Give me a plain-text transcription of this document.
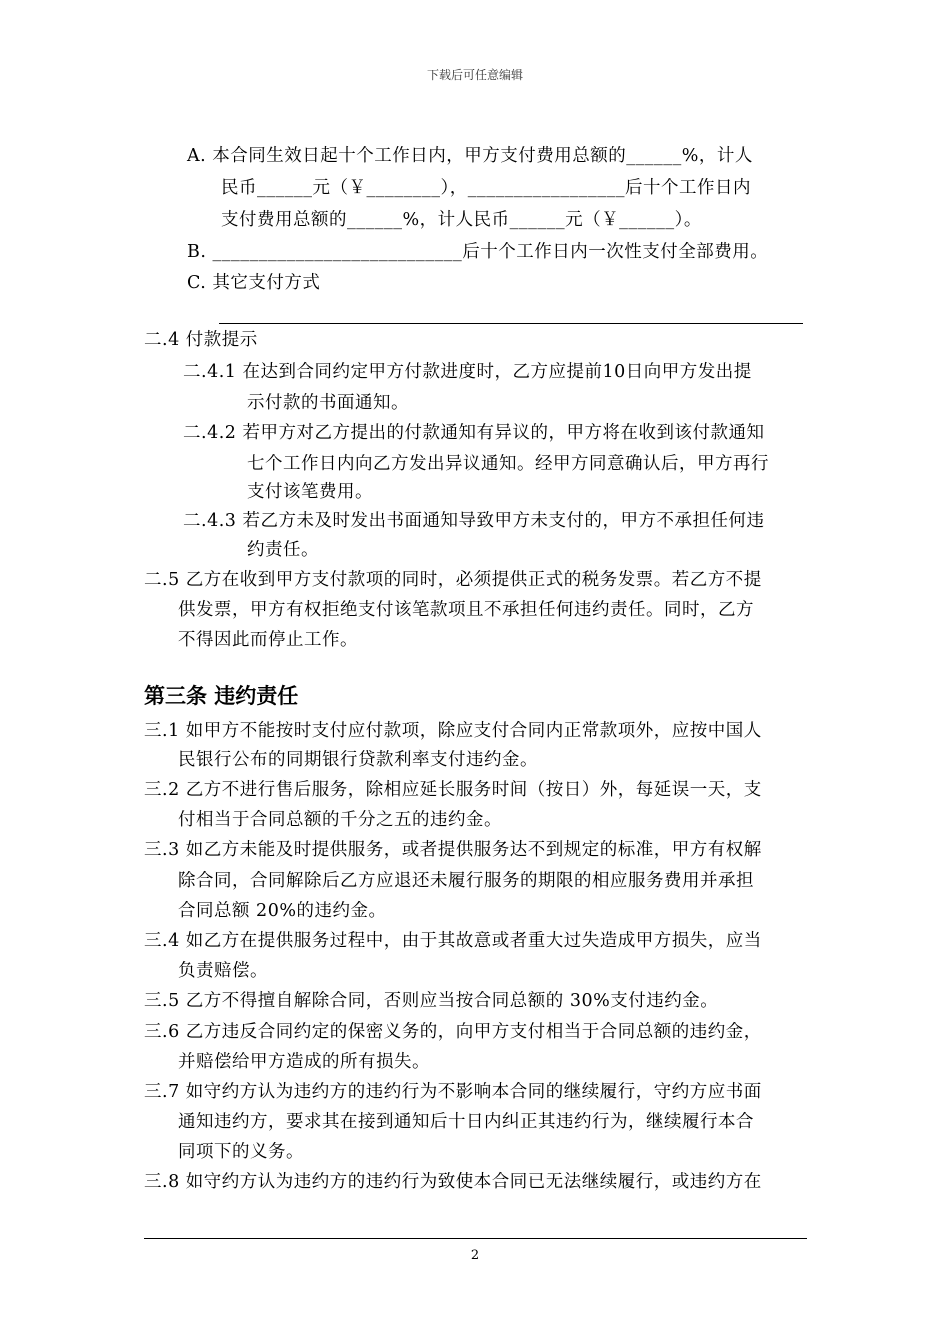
下载后可任意编辑
A. 本合同生效日起十个工作日内，甲方支付费用总额的______%，计人
民币______元（￥________），_________________后十个工作日内
支付费用总额的______%，计人民币______元（￥______）。
B. ___________________________后十个工作日内一次性支付全部费用。
C. 其它支付方式
二.4 付款提示
二.4.1 在达到合同约定甲方付款进度时，乙方应提前10日向甲方发出提
示付款的书面通知。
二.4.2 若甲方对乙方提出的付款通知有异议的，甲方将在收到该付款通知
七个工作日内向乙方发出异议通知。经甲方同意确认后，甲方再行
支付该笔费用。
二.4.3 若乙方未及时发出书面通知导致甲方未支付的，甲方不承担任何违
约责任。
二.5 乙方在收到甲方支付款项的同时，必须提供正式的税务发票。若乙方不提
供发票，甲方有权拒绝支付该笔款项且不承担任何违约责任。同时，乙方
不得因此而停止工作。
第三条 违约责任
三.1 如甲方不能按时支付应付款项，除应支付合同内正常款项外，应按中国人
民银行公布的同期银行贷款利率支付违约金。
三.2 乙方不进行售后服务，除相应延长服务时间（按日）外，每延误一天，支
付相当于合同总额的千分之五的违约金。
三.3 如乙方未能及时提供服务，或者提供服务达不到规定的标准，甲方有权解
除合同，合同解除后乙方应退还未履行服务的期限的相应服务费用并承担
合同总额 20%的违约金。
三.4 如乙方在提供服务过程中，由于其故意或者重大过失造成甲方损失，应当
负责赔偿。
三.5 乙方不得擅自解除合同，否则应当按合同总额的 30%支付违约金。
三.6 乙方违反合同约定的保密义务的，向甲方支付相当于合同总额的违约金，
并赔偿给甲方造成的所有损失。
三.7 如守约方认为违约方的违约行为不影响本合同的继续履行，守约方应书面
通知违约方，要求其在接到通知后十日内纠正其违约行为，继续履行本合
同项下的义务。
三.8 如守约方认为违约方的违约行为致使本合同已无法继续履行，或违约方在
2
